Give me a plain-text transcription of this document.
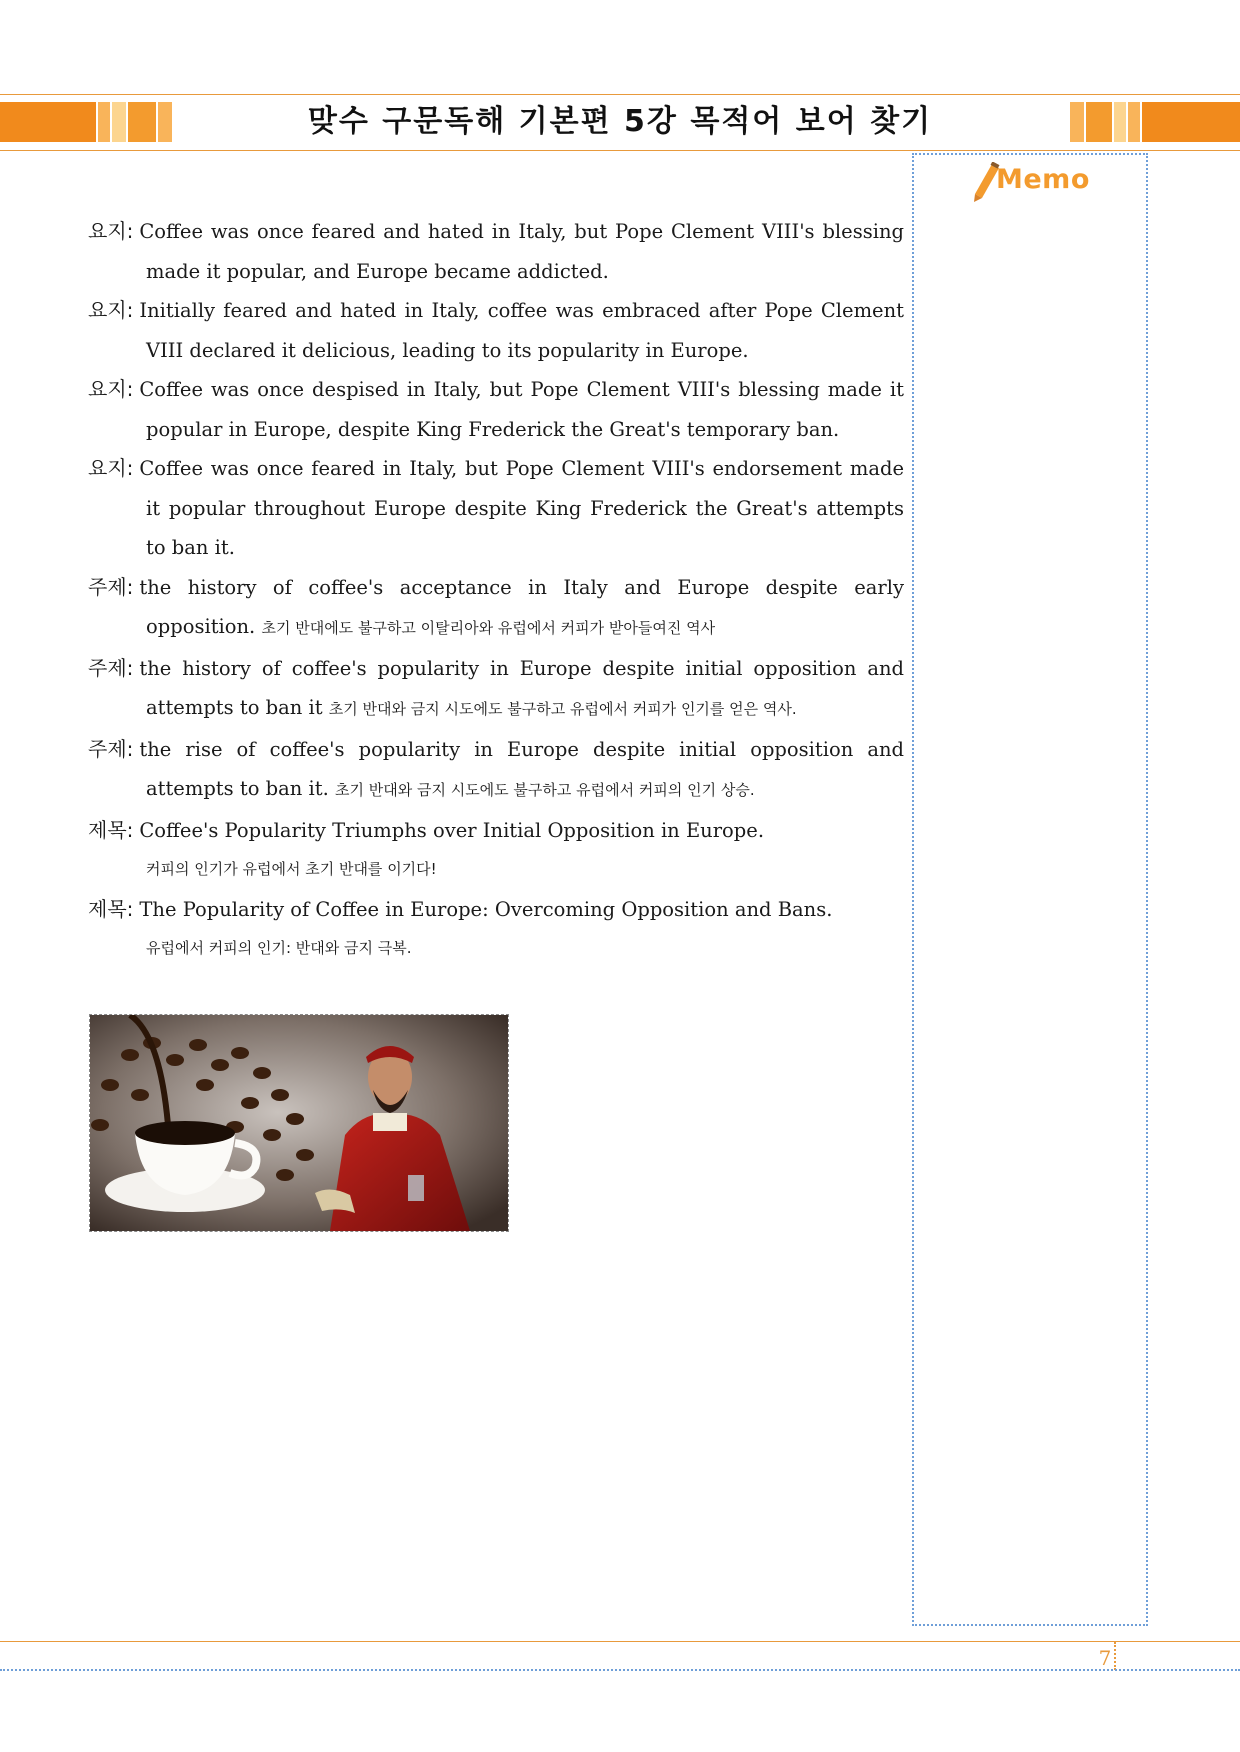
맞수 구문독해 기본편 5강 목적어 보어 찾기
Memo
요지: Coffee was once feared and hated in Italy, but Pope Clement VIII's blessing
made it popular, and Europe became addicted.
요지: Initially feared and hated in Italy, coffee was embraced after Pope Clement
VIII declared it delicious, leading to its popularity in Europe.
요지: Coffee was once despised in Italy, but Pope Clement VIII's blessing made it
popular in Europe, despite King Frederick the Great's temporary ban.
요지: Coffee was once feared in Italy, but Pope Clement VIII's endorsement made
it popular throughout Europe despite King Frederick the Great's attempts
to ban it.
주제: the history of coffee's acceptance in Italy and Europe despite early
opposition. 초기 반대에도 불구하고 이탈리아와 유럽에서 커피가 받아들여진 역사
주제: the history of coffee's popularity in Europe despite initial opposition and
attempts to ban it 초기 반대와 금지 시도에도 불구하고 유럽에서 커피가 인기를 얻은 역사.
주제: the rise of coffee's popularity in Europe despite initial opposition and
attempts to ban it. 초기 반대와 금지 시도에도 불구하고 유럽에서 커피의 인기 상승.
제목: Coffee's Popularity Triumphs over Initial Opposition in Europe.
커피의 인기가 유럽에서 초기 반대를 이기다!
제목: The Popularity of Coffee in Europe: Overcoming Opposition and Bans.
유럽에서 커피의 인기: 반대와 금지 극복.
7
